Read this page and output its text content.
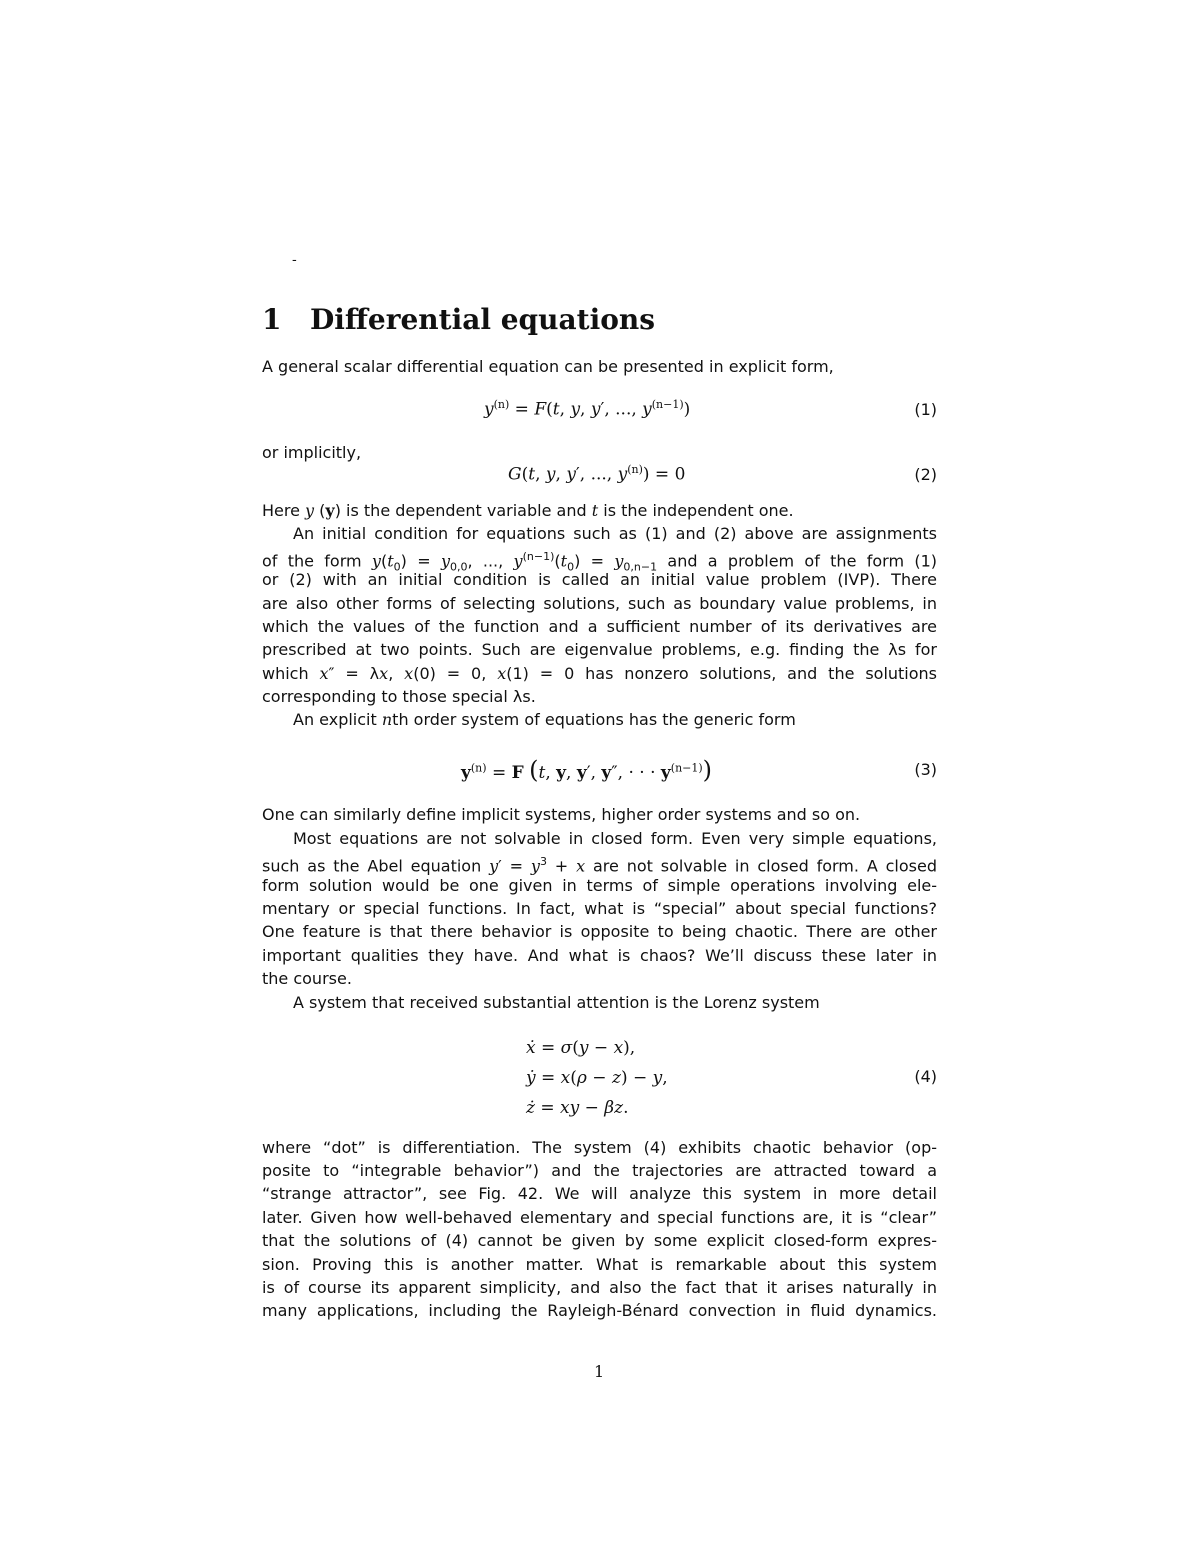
-
1 Differential equations
A general scalar differential equation can be presented in explicit form,
$y^{(n)} = F(t$, y, y′, ..., $y^{(n-1)}$)	(1)
or implicitly,
G(t, y, y′, ..., $y^{(n)}) = 0$	(2)
Here y (y) is the dependent variable and t is the independent one.
An initial condition for equations such as (1) and (2) above are assignments
of the form $y(t_0) = y_{0,0}$, ..., $y^{(n-1)}(t_0) = y_{0,n-1}$ and a problem of the form (1)
or (2) with an initial condition is called an initial value problem (IVP). There
are also other forms of selecting solutions, such as boundary value problems, in
which the values of the function and a sufficient number of its derivatives are
prescribed at two points. Such are eigenvalue problems, e.g. finding the λs for
which x″ = λx, x(0) = 0, x(1) = 0 has nonzero solutions, and the solutions
corresponding to those special λs.
An explicit nth order system of equations has the generic form
$y^{(n)} = F$ (t, y, y′, y″, · · · $y^{(n-1)}$)	(3)
One can similarly define implicit systems, higher order systems and so on.
Most equations are not solvable in closed form. Even very simple equations,
such as the Abel equation $y' = y^3 + x$ are not solvable in closed form. A closed
form solution would be one given in terms of simple operations involving ele-
mentary or special functions. In fact, what is “special” about special functions?
One feature is that there behavior is opposite to being chaotic. There are other
important qualities they have. And what is chaos? We’ll discuss these later in
the course.
A system that received substantial attention is the Lorenz system
ẋ = σ(y − x),
ẏ = x(ρ − z) − y,
ż = xy − βz.
(4)
where “dot” is differentiation. The system (4) exhibits chaotic behavior (op-
posite to “integrable behavior”) and the trajectories are attracted toward a
“strange attractor”, see Fig. 42. We will analyze this system in more detail
later. Given how well-behaved elementary and special functions are, it is “clear”
that the solutions of (4) cannot be given by some explicit closed-form expres-
sion. Proving this is another matter. What is remarkable about this system
is of course its apparent simplicity, and also the fact that it arises naturally in
many applications, including the Rayleigh-Bénard convection in fluid dynamics.
1
